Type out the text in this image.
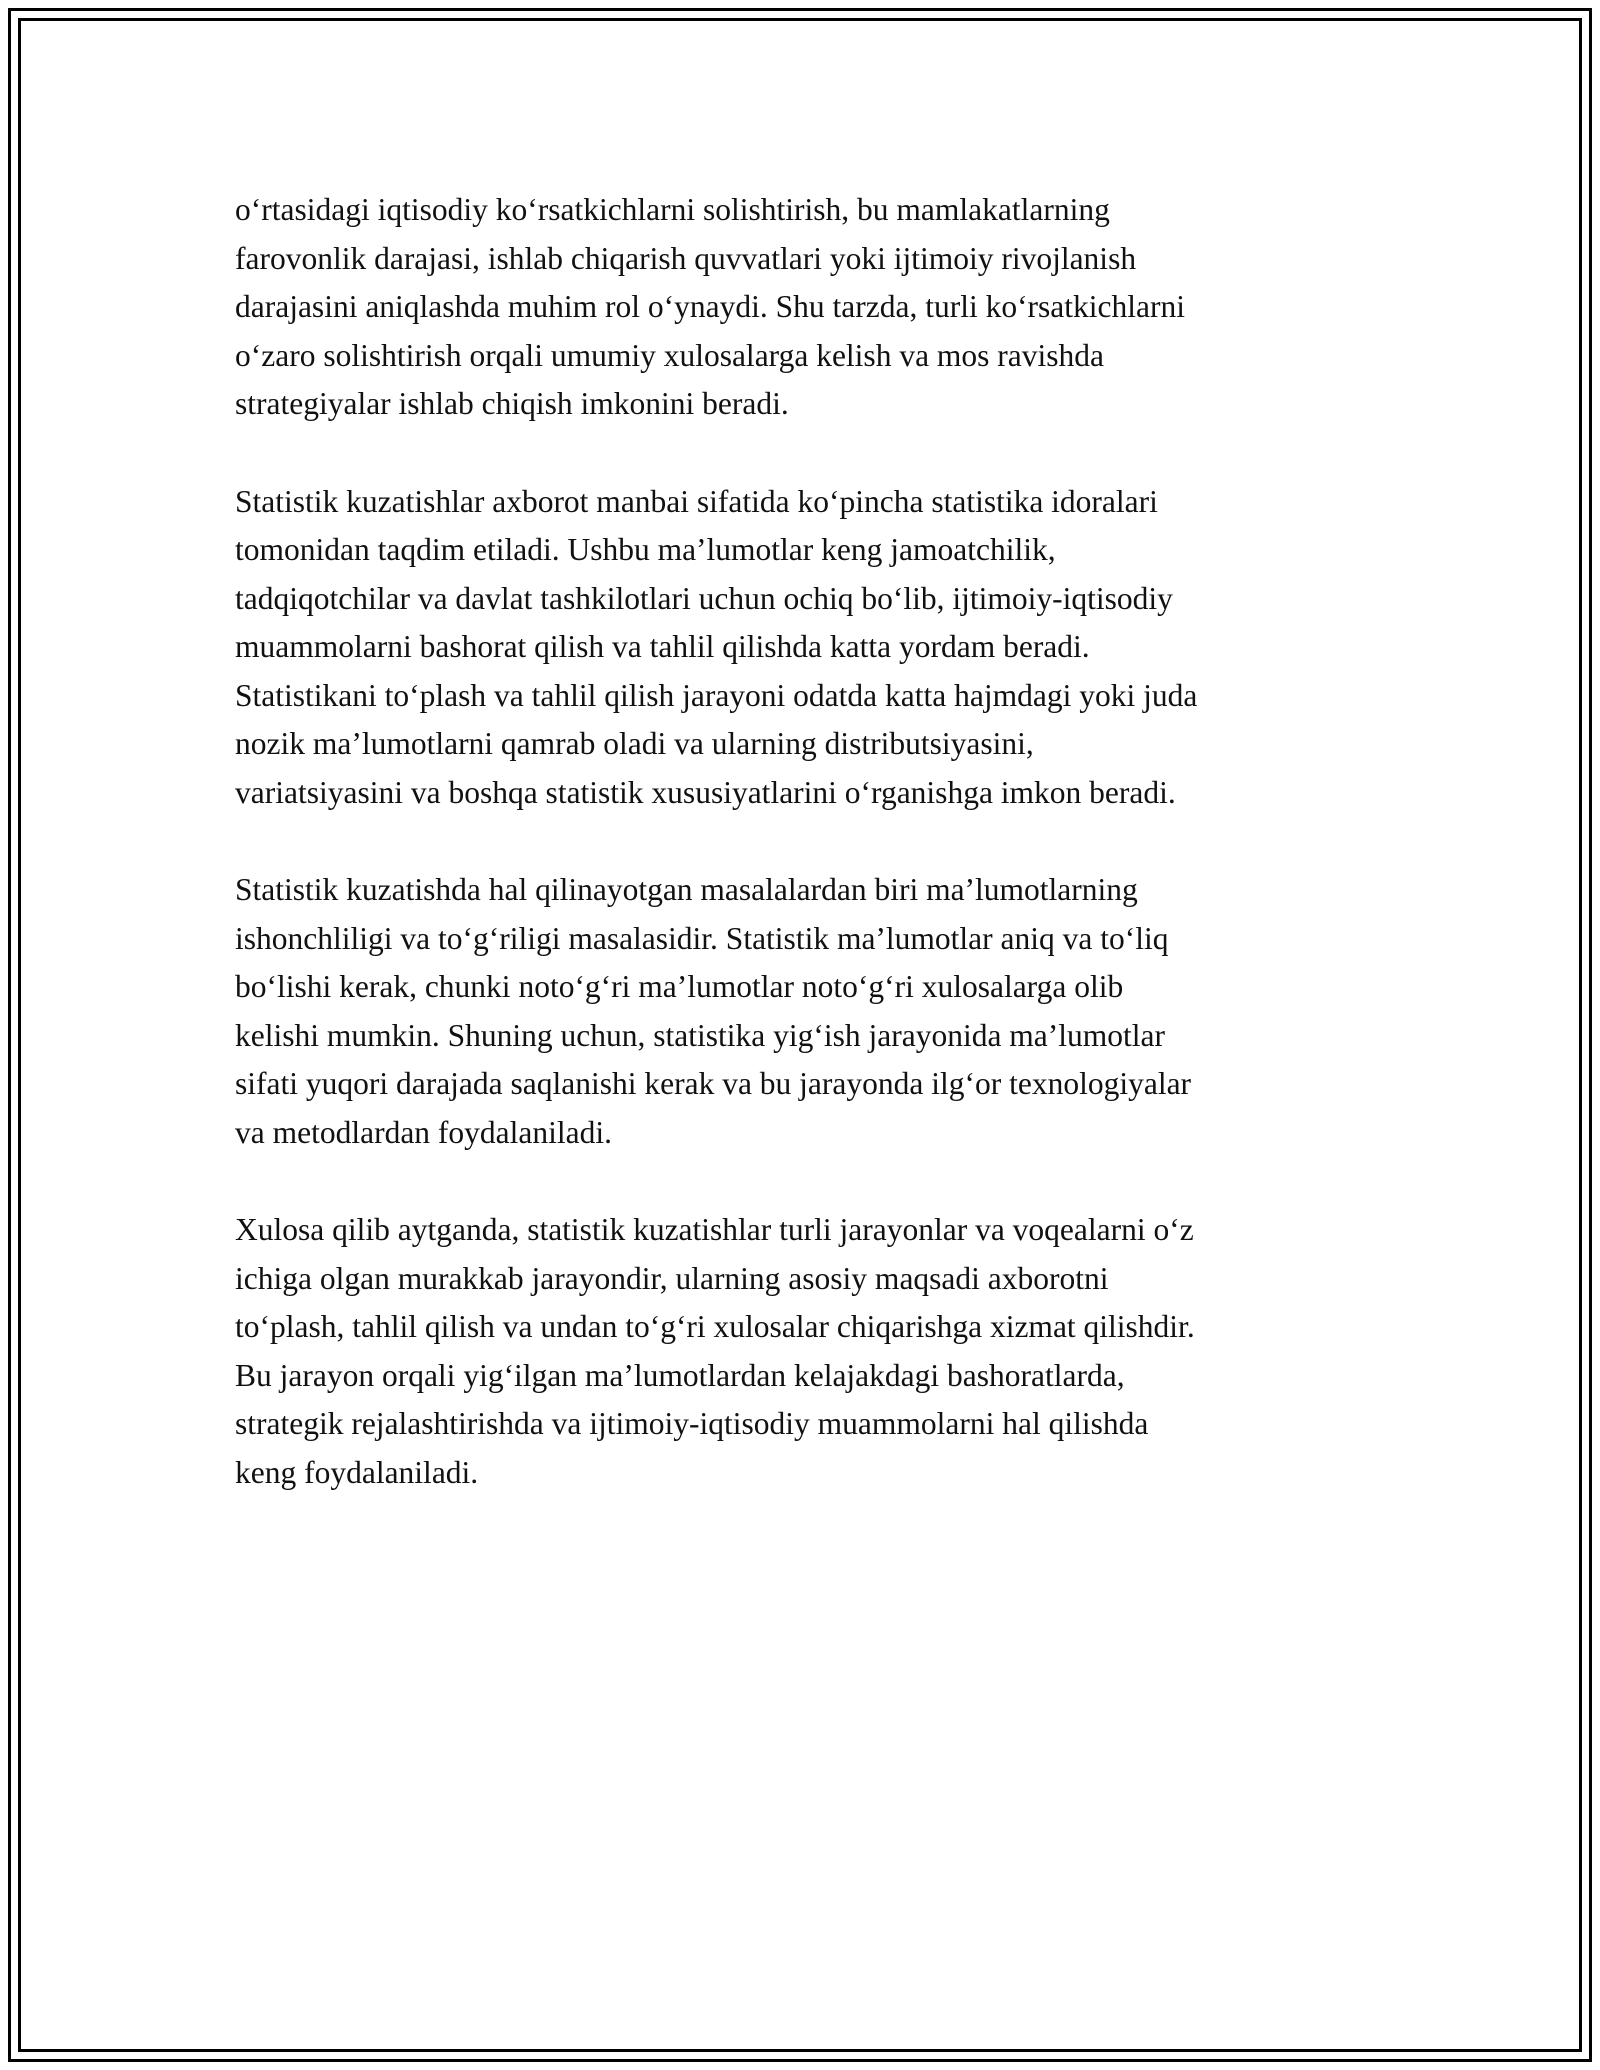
o‘rtasidagi iqtisodiy ko‘rsatkichlarni solishtirish, bu mamlakatlarning
farovonlik darajasi, ishlab chiqarish quvvatlari yoki ijtimoiy rivojlanish
darajasini aniqlashda muhim rol o‘ynaydi. Shu tarzda, turli ko‘rsatkichlarni
o‘zaro solishtirish orqali umumiy xulosalarga kelish va mos ravishda
strategiyalar ishlab chiqish imkonini beradi.

Statistik kuzatishlar axborot manbai sifatida ko‘pincha statistika idoralari
tomonidan taqdim etiladi. Ushbu ma’lumotlar keng jamoatchilik,
tadqiqotchilar va davlat tashkilotlari uchun ochiq bo‘lib, ijtimoiy-iqtisodiy
muammolarni bashorat qilish va tahlil qilishda katta yordam beradi.
Statistikani to‘plash va tahlil qilish jarayoni odatda katta hajmdagi yoki juda
nozik ma’lumotlarni qamrab oladi va ularning distributsiyasini,
variatsiyasini va boshqa statistik xususiyatlarini o‘rganishga imkon beradi.

Statistik kuzatishda hal qilinayotgan masalalardan biri ma’lumotlarning
ishonchliligi va to‘g‘riligi masalasidir. Statistik ma’lumotlar aniq va to‘liq
bo‘lishi kerak, chunki noto‘g‘ri ma’lumotlar noto‘g‘ri xulosalarga olib
kelishi mumkin. Shuning uchun, statistika yig‘ish jarayonida ma’lumotlar
sifati yuqori darajada saqlanishi kerak va bu jarayonda ilg‘or texnologiyalar
va metodlardan foydalaniladi.

Xulosa qilib aytganda, statistik kuzatishlar turli jarayonlar va voqealarni o‘z
ichiga olgan murakkab jarayondir, ularning asosiy maqsadi axborotni
to‘plash, tahlil qilish va undan to‘g‘ri xulosalar chiqarishga xizmat qilishdir.
Bu jarayon orqali yig‘ilgan ma’lumotlardan kelajakdagi bashoratlarda,
strategik rejalashtirishda va ijtimoiy-iqtisodiy muammolarni hal qilishda
keng foydalaniladi.
